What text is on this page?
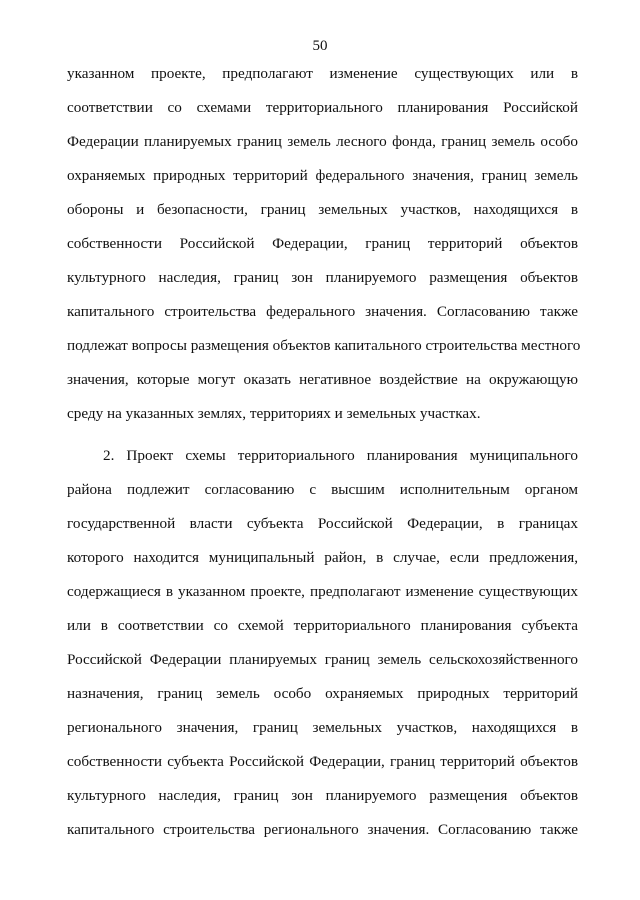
50
указанном проекте, предполагают изменение существующих или в
соответствии со схемами территориального планирования Российской
Федерации планируемых границ земель лесного фонда, границ земель особо
охраняемых природных территорий федерального значения, границ земель
обороны и безопасности, границ земельных участков, находящихся в
собственности Российской Федерации, границ территорий объектов
культурного наследия, границ зон планируемого размещения объектов
капитального строительства федерального значения. Согласованию также
подлежат вопросы размещения объектов капитального строительства местного
значения, которые могут оказать негативное воздействие на окружающую
среду на указанных землях, территориях и земельных участках.
2. Проект схемы территориального планирования муниципального
района подлежит согласованию с высшим исполнительным органом
государственной власти субъекта Российской Федерации, в границах
которого находится муниципальный район, в случае, если предложения,
содержащиеся в указанном проекте, предполагают изменение существующих
или в соответствии со схемой территориального планирования субъекта
Российской Федерации планируемых границ земель сельскохозяйственного
назначения, границ земель особо охраняемых природных территорий
регионального значения, границ земельных участков, находящихся в
собственности субъекта Российской Федерации, границ территорий объектов
культурного наследия, границ зон планируемого размещения объектов
капитального строительства регионального значения. Согласованию также
